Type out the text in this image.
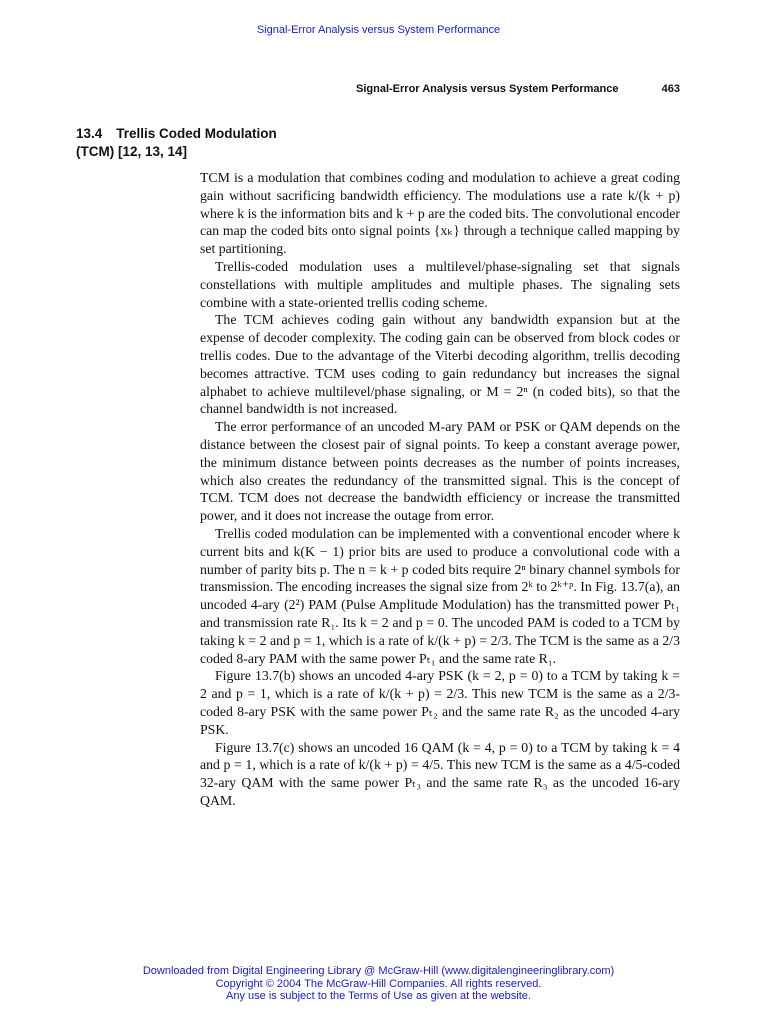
Signal-Error Analysis versus System Performance
Signal-Error Analysis versus System Performance	463
13.4 Trellis Coded Modulation
(TCM) [12, 13, 14]

TCM is a modulation that combines coding and modulation to achieve a great coding gain without sacrificing bandwidth efficiency. The modulations use a rate k/(k + p) where k is the information bits and k + p are the coded bits. The convolutional encoder can map the coded bits onto signal points {xₖ} through a technique called mapping by set partitioning.

Trellis-coded modulation uses a multilevel/phase-signaling set that signals constellations with multiple amplitudes and multiple phases. The signaling sets combine with a state-oriented trellis coding scheme.

The TCM achieves coding gain without any bandwidth expansion but at the expense of decoder complexity. The coding gain can be observed from block codes or trellis codes. Due to the advantage of the Viterbi decoding algorithm, trellis decoding becomes attractive. TCM uses coding to gain redundancy but increases the signal alphabet to achieve multilevel/phase signaling, or M = 2ⁿ (n coded bits), so that the channel bandwidth is not increased.

The error performance of an uncoded M-ary PAM or PSK or QAM depends on the distance between the closest pair of signal points. To keep a constant average power, the minimum distance between points decreases as the number of points increases, which also creates the redundancy of the transmitted signal. This is the concept of TCM. TCM does not decrease the bandwidth efficiency or increase the transmitted power, and it does not increase the outage from error.

Trellis coded modulation can be implemented with a conventional encoder where k current bits and k(K − 1) prior bits are used to produce a convolutional code with a number of parity bits p. The n = k + p coded bits require 2ⁿ binary channel symbols for transmission. The encoding increases the signal size from 2ᵏ to 2ᵏ⁺ᵖ. In Fig. 13.7(a), an uncoded 4-ary (2²) PAM (Pulse Amplitude Modulation) has the transmitted power Pₜ₁ and transmission rate R₁. Its k = 2 and p = 0. The uncoded PAM is coded to a TCM by taking k = 2 and p = 1, which is a rate of k/(k + p) = 2/3. The TCM is the same as a 2/3 coded 8-ary PAM with the same power Pₜ₁ and the same rate R₁.

Figure 13.7(b) shows an uncoded 4-ary PSK (k = 2, p = 0) to a TCM by taking k = 2 and p = 1, which is a rate of k/(k + p) = 2/3. This new TCM is the same as a 2/3-coded 8-ary PSK with the same power Pₜ₂ and the same rate R₂ as the uncoded 4-ary PSK.

Figure 13.7(c) shows an uncoded 16 QAM (k = 4, p = 0) to a TCM by taking k = 4 and p = 1, which is a rate of k/(k + p) = 4/5. This new TCM is the same as a 4/5-coded 32-ary QAM with the same power Pₜ₃ and the same rate R₃ as the uncoded 16-ary QAM.

Downloaded from Digital Engineering Library @ McGraw-Hill (www.digitalengineeringlibrary.com)
Copyright © 2004 The McGraw-Hill Companies. All rights reserved.
Any use is subject to the Terms of Use as given at the website.
